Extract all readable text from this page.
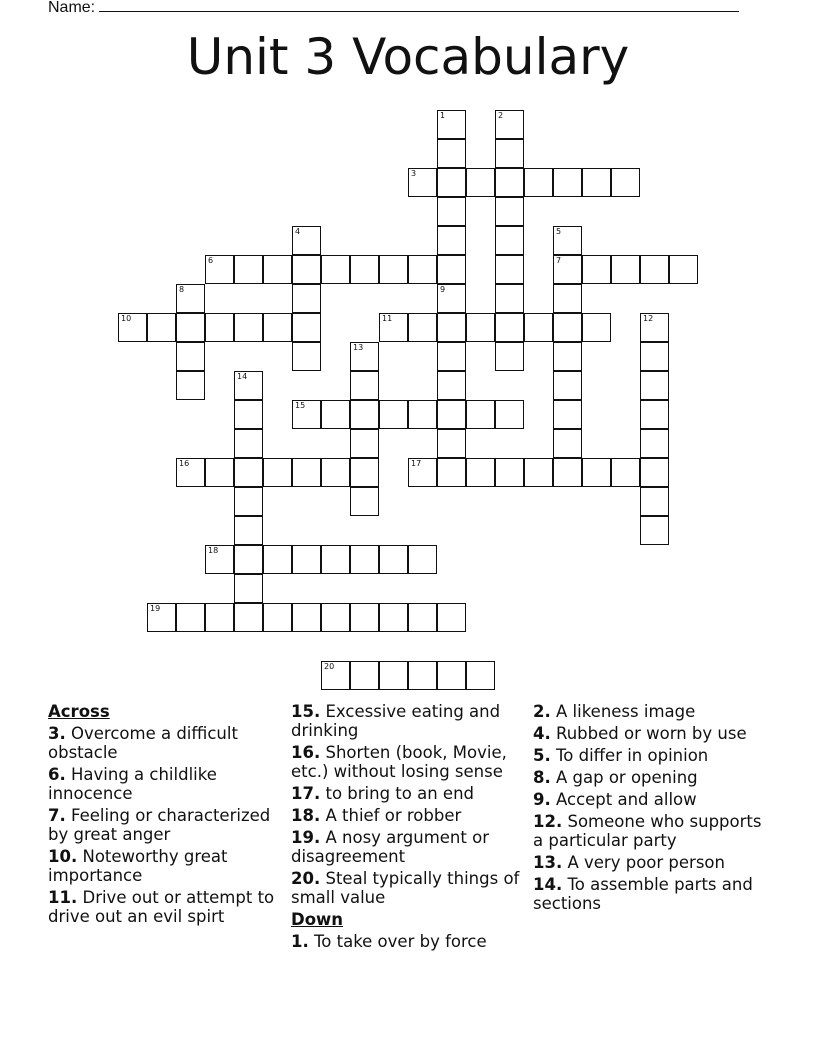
Name:
Unit 3 Vocabulary
1	2
3
4	5
7
6
8	9
10	11	12
13
14
15
16	17
18
19
20
Across
3. Overcome a difficult obstacle
6. Having a childlike innocence
7. Feeling or characterized by great anger
10. Noteworthy great importance
11. Drive out or attempt to drive out an evil spirt
15. Excessive eating and drinking
16. Shorten (book, Movie, etc.) without losing sense
17. to bring to an end
18. A thief or robber
19. A nosy argument or disagreement
20. Steal typically things of small value
Down
1. To take over by force
2. A likeness image
4. Rubbed or worn by use
5. To differ in opinion
8. A gap or opening
9. Accept and allow
12. Someone who supports a particular party
13. A very poor person
14. To assemble parts and sections
